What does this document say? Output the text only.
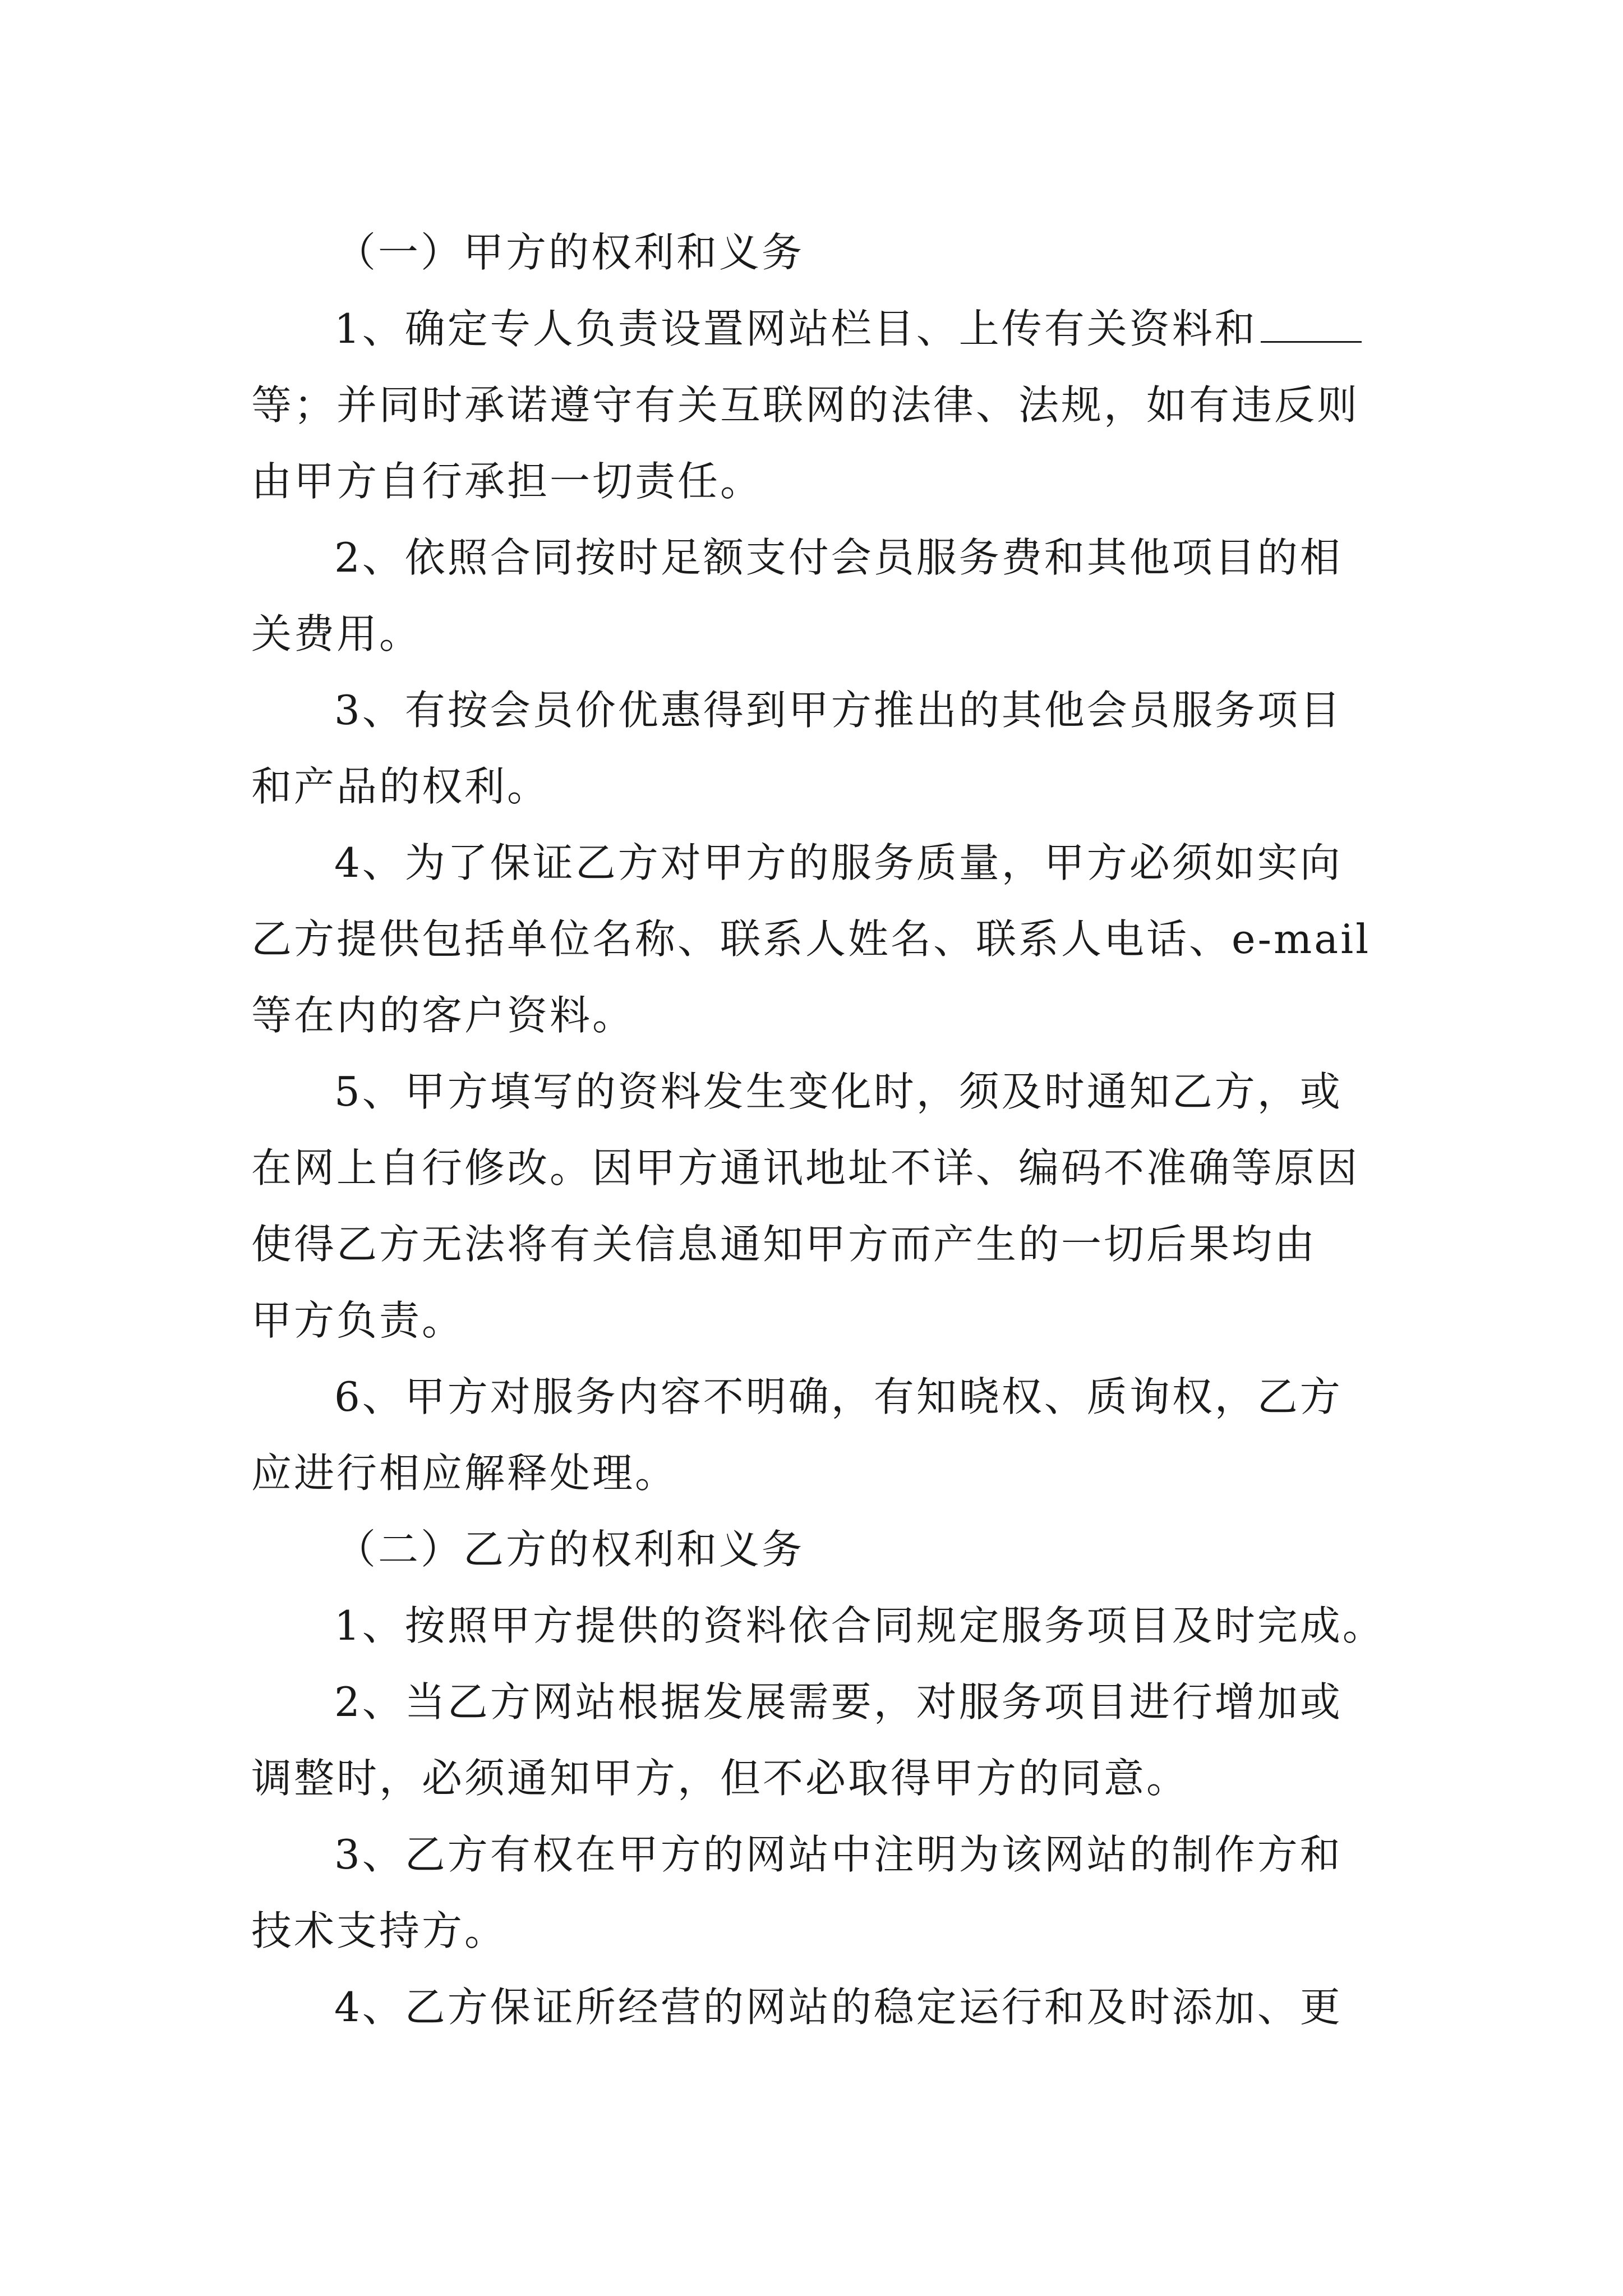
（一）甲方的权利和义务

1、确定专人负责设置网站栏目、上传有关资料和

等；并同时承诺遵守有关互联网的法律、法规，如有违反则

由甲方自行承担一切责任。

2、依照合同按时足额支付会员服务费和其他项目的相

关费用。

3、有按会员价优惠得到甲方推出的其他会员服务项目

和产品的权利。

4、为了保证乙方对甲方的服务质量，甲方必须如实向

乙方提供包括单位名称、联系人姓名、联系人电话、e-mail

等在内的客户资料。

5、甲方填写的资料发生变化时，须及时通知乙方，或

在网上自行修改。因甲方通讯地址不详、编码不准确等原因

使得乙方无法将有关信息通知甲方而产生的一切后果均由

甲方负责。

6、甲方对服务内容不明确，有知晓权、质询权，乙方

应进行相应解释处理。

（二）乙方的权利和义务

1、按照甲方提供的资料依合同规定服务项目及时完成。

2、当乙方网站根据发展需要，对服务项目进行增加或

调整时，必须通知甲方，但不必取得甲方的同意。

3、乙方有权在甲方的网站中注明为该网站的制作方和

技术支持方。

4、乙方保证所经营的网站的稳定运行和及时添加、更
